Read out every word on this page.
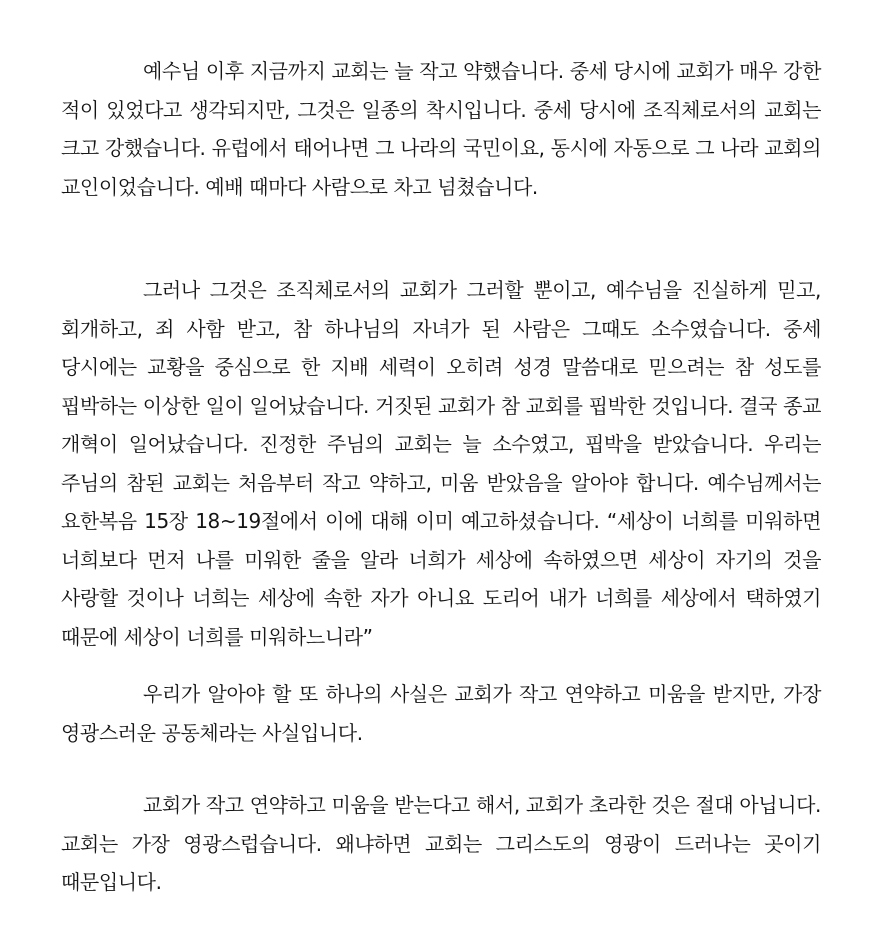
예수님 이후 지금까지 교회는 늘 작고 약했습니다. 중세 당시에 교회가 매우 강한 적이 있었다고 생각되지만, 그것은 일종의 착시입니다. 중세 당시에 조직체로서의 교회는 크고 강했습니다. 유럽에서 태어나면 그 나라의 국민이요, 동시에 자동으로 그 나라 교회의 교인이었습니다. 예배 때마다 사람으로 차고 넘쳤습니다.

그러나 그것은 조직체로서의 교회가 그러할 뿐이고, 예수님을 진실하게 믿고, 회개하고, 죄 사함 받고, 참 하나님의 자녀가 된 사람은 그때도 소수였습니다. 중세 당시에는 교황을 중심으로 한 지배 세력이 오히려 성경 말씀대로 믿으려는 참 성도를 핍박하는 이상한 일이 일어났습니다. 거짓된 교회가 참 교회를 핍박한 것입니다. 결국 종교 개혁이 일어났습니다. 진정한 주님의 교회는 늘 소수였고, 핍박을 받았습니다. 우리는 주님의 참된 교회는 처음부터 작고 약하고, 미움 받았음을 알아야 합니다. 예수님께서는 요한복음 15장 18~19절에서 이에 대해 이미 예고하셨습니다. “세상이 너희를 미워하면 너희보다 먼저 나를 미워한 줄을 알라 너희가 세상에 속하였으면 세상이 자기의 것을 사랑할 것이나 너희는 세상에 속한 자가 아니요 도리어 내가 너희를 세상에서 택하였기 때문에 세상이 너희를 미워하느니라”

우리가 알아야 할 또 하나의 사실은 교회가 작고 연약하고 미움을 받지만, 가장 영광스러운 공동체라는 사실입니다.

교회가 작고 연약하고 미움을 받는다고 해서, 교회가 초라한 것은 절대 아닙니다. 교회는 가장 영광스럽습니다. 왜냐하면 교회는 그리스도의 영광이 드러나는 곳이기 때문입니다.
